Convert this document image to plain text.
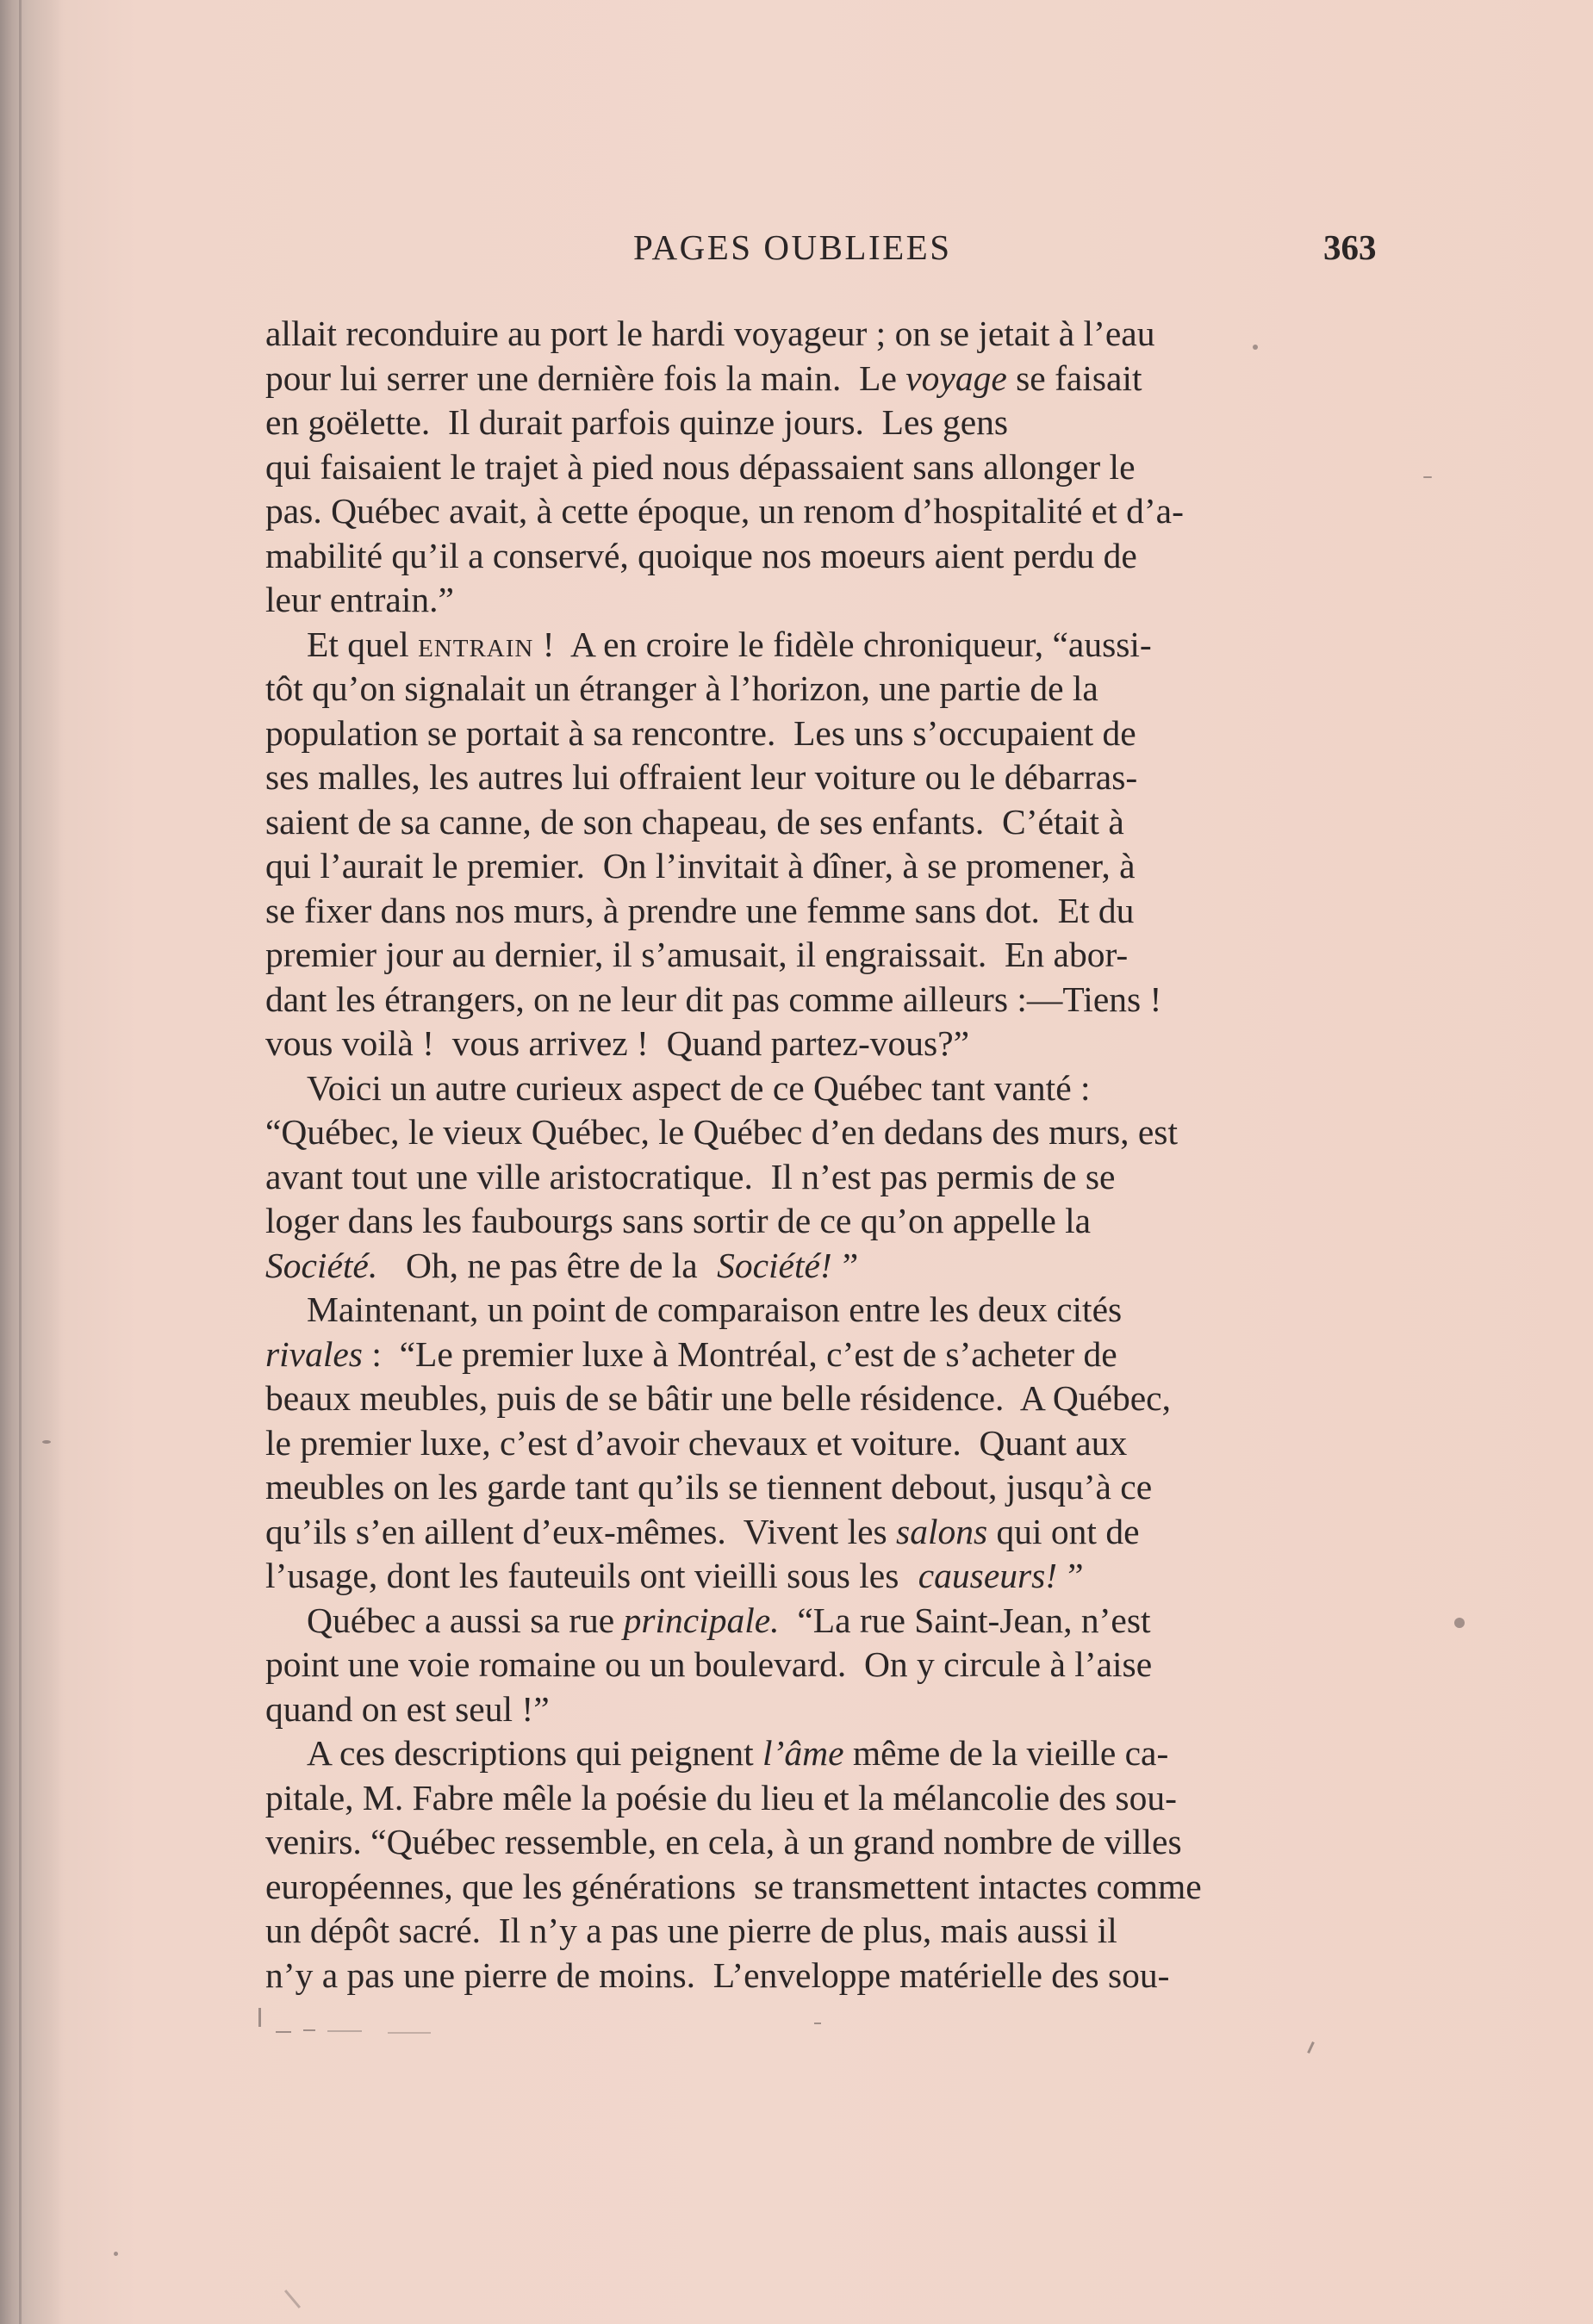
PAGES OUBLIEES	363
allait reconduire au port le hardi voyageur ; on se jetait à l’eau
pour lui serrer une dernière fois la main.  Le voyage se faisait
en goëlette.  Il durait parfois quinze jours.  Les gens
qui faisaient le trajet à pied nous dépassaient sans allonger le
pas. Québec avait, à cette époque, un renom d’hospitalité et d’a-
mabilité qu’il a conservé, quoique nos moeurs aient perdu de
leur entrain.”
Et quel entrain !  A en croire le fidèle chroniqueur, “aussi-
tôt qu’on signalait un étranger à l’horizon, une partie de la
population se portait à sa rencontre.  Les uns s’occupaient de
ses malles, les autres lui offraient leur voiture ou le débarras-
saient de sa canne, de son chapeau, de ses enfants.  C’était à
qui l’aurait le premier.  On l’invitait à dîner, à se promener, à
se fixer dans nos murs, à prendre une femme sans dot.  Et du
premier jour au dernier, il s’amusait, il engraissait.  En abor-
dant les étrangers, on ne leur dit pas comme ailleurs :—Tiens !
vous voilà !  vous arrivez !  Quand partez-vous?”
Voici un autre curieux aspect de ce Québec tant vanté :
“Québec, le vieux Québec, le Québec d’en dedans des murs, est
avant tout une ville aristocratique.  Il n’est pas permis de se
loger dans les faubourgs sans sortir de ce qu’on appelle la
Société.  Oh, ne pas être de la Société! ”
Maintenant, un point de comparaison entre les deux cités
rivales :  “Le premier luxe à Montréal, c’est de s’acheter de
beaux meubles, puis de se bâtir une belle résidence.  A Québec,
le premier luxe, c’est d’avoir chevaux et voiture.  Quant aux
meubles on les garde tant qu’ils se tiennent debout, jusqu’à ce
qu’ils s’en aillent d’eux-mêmes.  Vivent les salons qui ont de
l’usage, dont les fauteuils ont vieilli sous les causeurs! ”
Québec a aussi sa rue principale.  “La rue Saint-Jean, n’est
point une voie romaine ou un boulevard.  On y circule à l’aise
quand on est seul !”
A ces descriptions qui peignent l’âme même de la vieille ca-
pitale, M. Fabre mêle la poésie du lieu et la mélancolie des sou-
venirs. “Québec ressemble, en cela, à un grand nombre de villes
européennes, que les générations  se transmettent intactes comme
un dépôt sacré.  Il n’y a pas une pierre de plus, mais aussi il
n’y a pas une pierre de moins.  L’enveloppe matérielle des sou-
